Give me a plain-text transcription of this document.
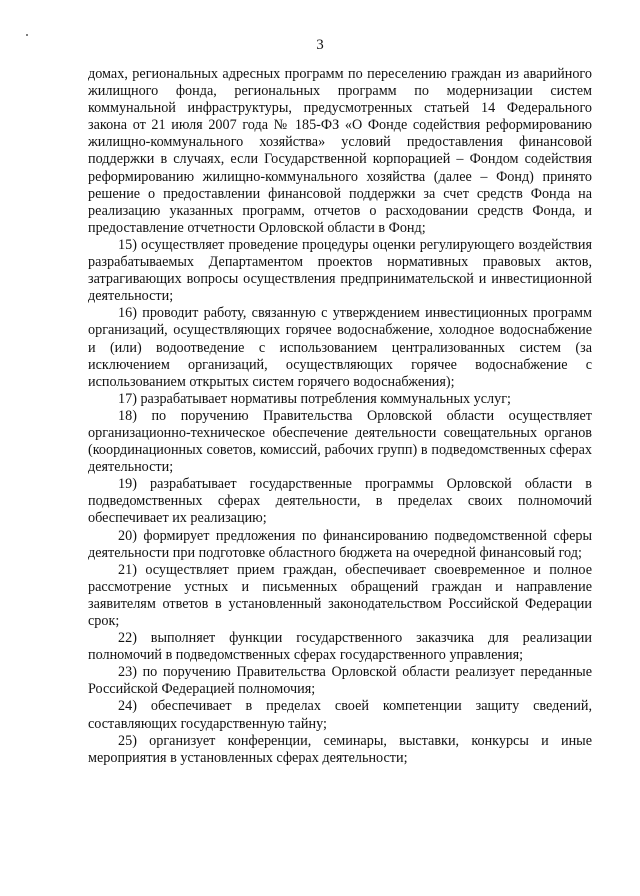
3

домах, региональных адресных программ по переселению граждан из аварийного жилищного фонда, региональных программ по модернизации систем коммунальной инфраструктуры, предусмотренных статьей 14 Федерального закона от 21 июля 2007 года № 185-ФЗ «О Фонде содействия реформированию жилищно-коммунального хозяйства» условий предоставления финансовой поддержки в случаях, если Государственной корпорацией – Фондом содействия реформированию жилищно-коммунального хозяйства (далее – Фонд) принято решение о предоставлении финансовой поддержки за счет средств Фонда на реализацию указанных программ, отчетов о расходовании средств Фонда, и предоставление отчетности Орловской области в Фонд;

15) осуществляет проведение процедуры оценки регулирующего воздействия разрабатываемых Департаментом проектов нормативных правовых актов, затрагивающих вопросы осуществления предпринимательской и инвестиционной деятельности;

16) проводит работу, связанную с утверждением инвестиционных программ организаций, осуществляющих горячее водоснабжение, холодное водоснабжение и (или) водоотведение с использованием централизованных систем (за исключением организаций, осуществляющих горячее водоснабжение с использованием открытых систем горячего водоснабжения);

17) разрабатывает нормативы потребления коммунальных услуг;

18) по поручению Правительства Орловской области осуществляет организационно-техническое обеспечение деятельности совещательных органов (координационных советов, комиссий, рабочих групп) в подведомственных сферах деятельности;

19) разрабатывает государственные программы Орловской области в подведомственных сферах деятельности, в пределах своих полномочий обеспечивает их реализацию;

20) формирует предложения по финансированию подведомственной сферы деятельности при подготовке областного бюджета на очередной финансовый год;

21) осуществляет прием граждан, обеспечивает своевременное и полное рассмотрение устных и письменных обращений граждан и направление заявителям ответов в установленный законодательством Российской Федерации срок;

22) выполняет функции государственного заказчика для реализации полномочий в подведомственных сферах государственного управления;

23) по поручению Правительства Орловской области реализует переданные Российской Федерацией полномочия;

24) обеспечивает в пределах своей компетенции защиту сведений, составляющих государственную тайну;

25) организует конференции, семинары, выставки, конкурсы и иные мероприятия в установленных сферах деятельности;
